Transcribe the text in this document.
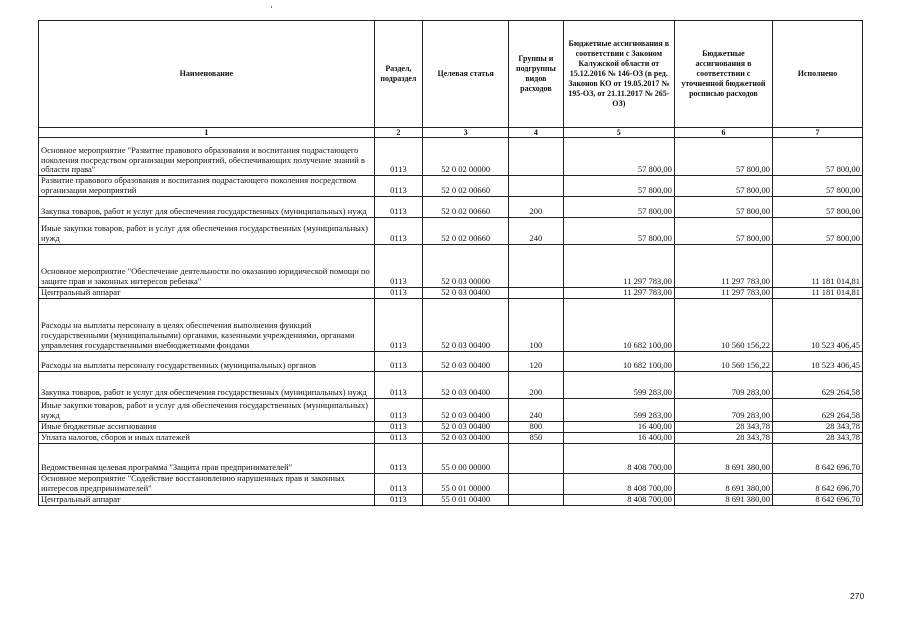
Наименование	Раздел, подраздел	Целевая статья	Группы и подгруппы видов расходов	Бюджетные ассигнования в соответствии с Законом Калужской области от 15.12.2016 № 146-ОЗ (в ред. Законов КО от 19.05.2017 № 195-ОЗ, от 21.11.2017 № 265-ОЗ)	Бюджетные ассигнования в соответствии с уточненной бюджетной росписью расходов	Исполнено
1	2	3	4	5	6	7
Основное мероприятие "Развитие правового образования и воспитания подрастающего поколения посредством организации мероприятий, обеспечивающих получение знаний в области права"	0113	52 0 02 00000		57 800,00	57 800,00	57 800,00
Развитие правового образования и воспитания подрастающего поколения посредством организации мероприятий	0113	52 0 02 00660		57 800,00	57 800,00	57 800,00
Закупка товаров, работ и услуг для обеспечения государственных (муниципальных) нужд	0113	52 0 02 00660	200	57 800,00	57 800,00	57 800,00
Иные закупки товаров, работ и услуг для обеспечения государственных (муниципальных) нужд	0113	52 0 02 00660	240	57 800,00	57 800,00	57 800,00
Основное мероприятие "Обеспечение деятельности по оказанию юридической помощи по защите прав и законных интересов ребенка"	0113	52 0 03 00000		11 297 783,00	11 297 783,00	11 181 014,81
Центральный аппарат	0113	52 0 03 00400		11 297 783,00	11 297 783,00	11 181 014,81
Расходы на выплаты персоналу в целях обеспечения выполнения функций государственными (муниципальными) органами, казенными учреждениями, органами управления государственными внебюджетными фондами	0113	52 0 03 00400	100	10 682 100,00	10 560 156,22	10 523 406,45
Расходы на выплаты персоналу государственных (муниципальных) органов	0113	52 0 03 00400	120	10 682 100,00	10 560 156,22	10 523 406,45
Закупка товаров, работ и услуг для обеспечения государственных (муниципальных) нужд	0113	52 0 03 00400	200	599 283,00	709 283,00	629 264,58
Иные закупки товаров, работ и услуг для обеспечения государственных (муниципальных) нужд	0113	52 0 03 00400	240	599 283,00	709 283,00	629 264,58
Иные бюджетные ассигнования	0113	52 0 03 00400	800	16 400,00	28 343,78	28 343,78
Уплата налогов, сборов и иных платежей	0113	52 0 03 00400	850	16 400,00	28 343,78	28 343,78
Ведомственная целевая программа "Защита прав предпринимателей"	0113	55 0 00 00000		8 408 700,00	8 691 380,00	8 642 696,70
Основное мероприятие "Содействие восстановлению нарушенных прав и законных интересов предпринимателей"	0113	55 0 01 00000		8 408 700,00	8 691 380,00	8 642 696,70
Центральный аппарат	0113	55 0 01 00400		8 408 700,00	8 691 380,00	8 642 696,70
270
